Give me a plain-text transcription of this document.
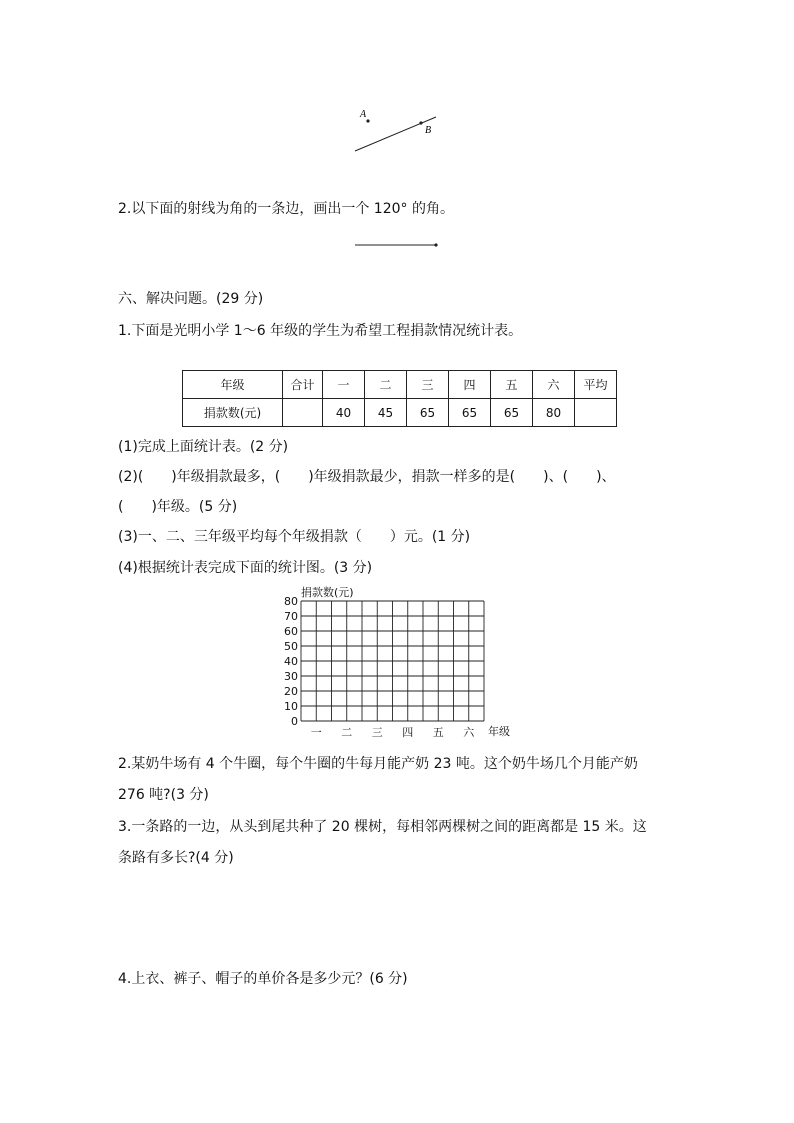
A
B
2.以下面的射线为角的一条边，画出一个 120° 的角。
六、解决问题。(29 分)
1.下面是光明小学 1～6 年级的学生为希望工程捐款情况统计表。
年级	合计	一	二	三	四	五	六	平均
捐款数(元)		40	45	65	65	65	80	
(1)完成上面统计表。(2 分)
(2)(　　)年级捐款最多，(　　)年级捐款最少，捐款一样多的是(　　)、(　　)、
(　　)年级。(5 分)
(3)一、二、三年级平均每个年级捐款（　　）元。(1 分)
(4)根据统计表完成下面的统计图。(3 分)
捐款数(元)
80
70
60
50
40
30
20
10
0
一 二 三 四 五 六 年级
2.某奶牛场有 4 个牛圈，每个牛圈的牛每月能产奶 23 吨。这个奶牛场几个月能产奶
276 吨?(3 分)
3.一条路的一边，从头到尾共种了 20 棵树，每相邻两棵树之间的距离都是 15 米。这
条路有多长?(4 分)
4.上衣、裤子、帽子的单价各是多少元？(6 分)
